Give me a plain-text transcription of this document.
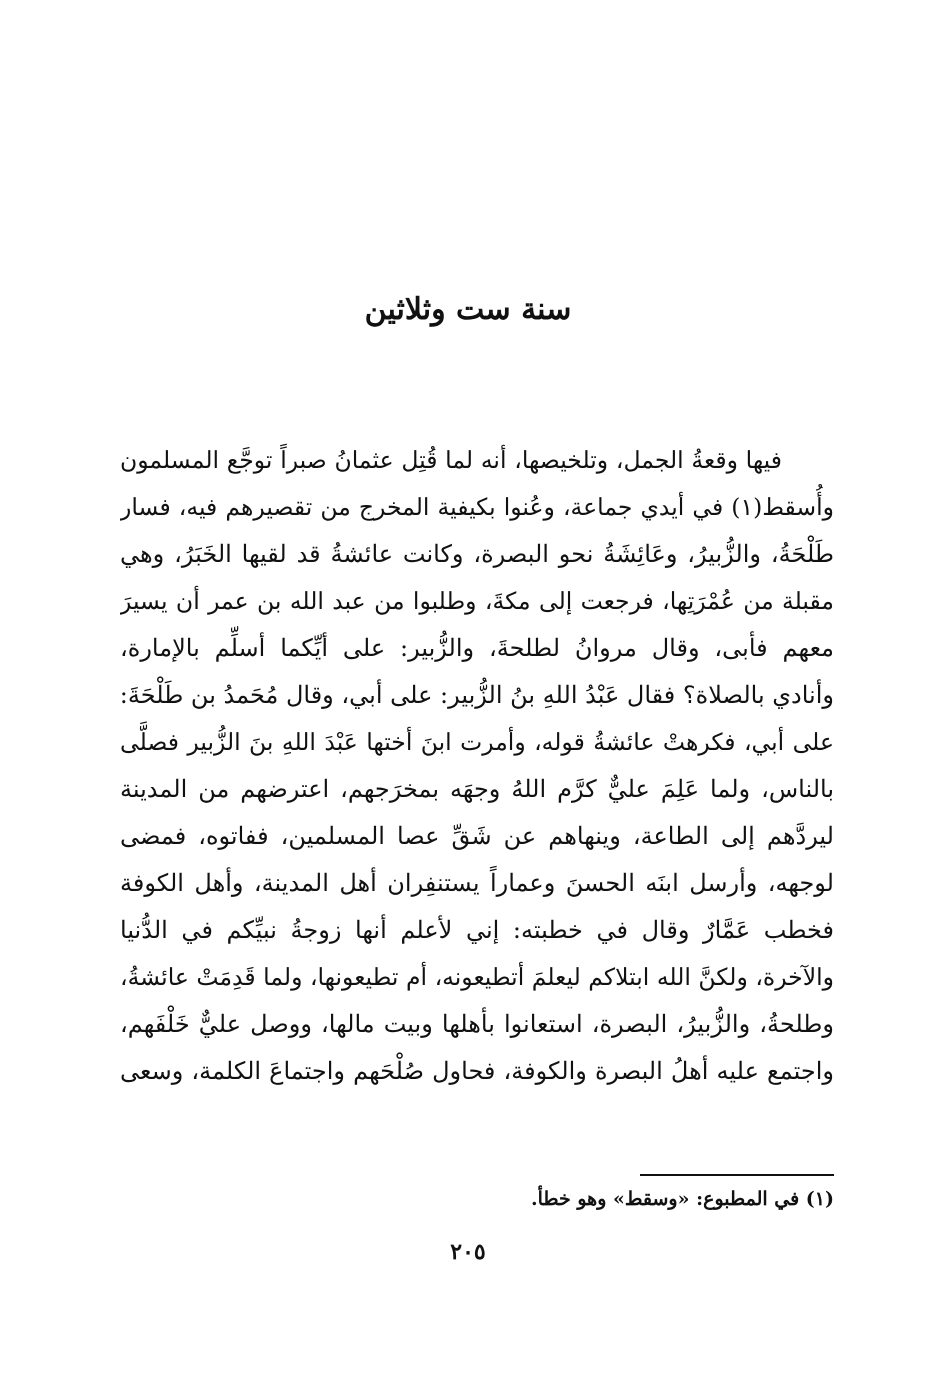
سنة ست وثلاثين
فيها وقعةُ الجمل، وتلخيصها، أنه لما قُتِل عثمانُ صبراً توجَّع المسلمون
وأُسقط(١) في أيدي جماعة، وعُنوا بكيفية المخرج من تقصيرهم فيه، فسار
طَلْحَةُ، والزُّبيرُ، وعَائِشَةُ نحو البصرة، وكانت عائشةُ قد لقيها الخَبَرُ، وهي
مقبلة من عُمْرَتِها، فرجعت إلى مكةَ، وطلبوا من عبد الله بن عمر أن يسيرَ
معهم فأبى، وقال مروانُ لطلحةَ، والزُّبير: على أيِّكما أسلِّم بالإمارة،
وأنادي بالصلاة؟ فقال عَبْدُ اللهِ بنُ الزُّبير: على أبي، وقال مُحَمدُ بن طَلْحَةَ:
على أبي، فكرهتْ عائشةُ قوله، وأمرت ابنَ أختها عَبْدَ اللهِ بنَ الزُّبير فصلَّى
بالناس، ولما عَلِمَ عليٌّ كرَّم اللهُ وجهَه بمخرَجهم، اعترضهم من المدينة
ليردَّهم إلى الطاعة، وينهاهم عن شَقِّ عصا المسلمين، ففاتوه، فمضى
لوجهه، وأرسل ابنَه الحسنَ وعماراً يستنفِران أهل المدينة، وأهل الكوفة
فخطب عَمَّارٌ وقال في خطبته: إني لأعلم أنها زوجةُ نبيِّكم في الدُّنيا
والآخرة، ولكنَّ الله ابتلاكم ليعلمَ أتطيعونه، أم تطيعونها، ولما قَدِمَتْ عائشةُ،
وطلحةُ، والزُّبيرُ، البصرة، استعانوا بأهلها وبيت مالها، ووصل عليٌّ خَلْفَهم،
واجتمع عليه أهلُ البصرة والكوفة، فحاول صُلْحَهم واجتماعَ الكلمة، وسعى
(١) في المطبوع: «وسقط» وهو خطأ.
٢٠٥
